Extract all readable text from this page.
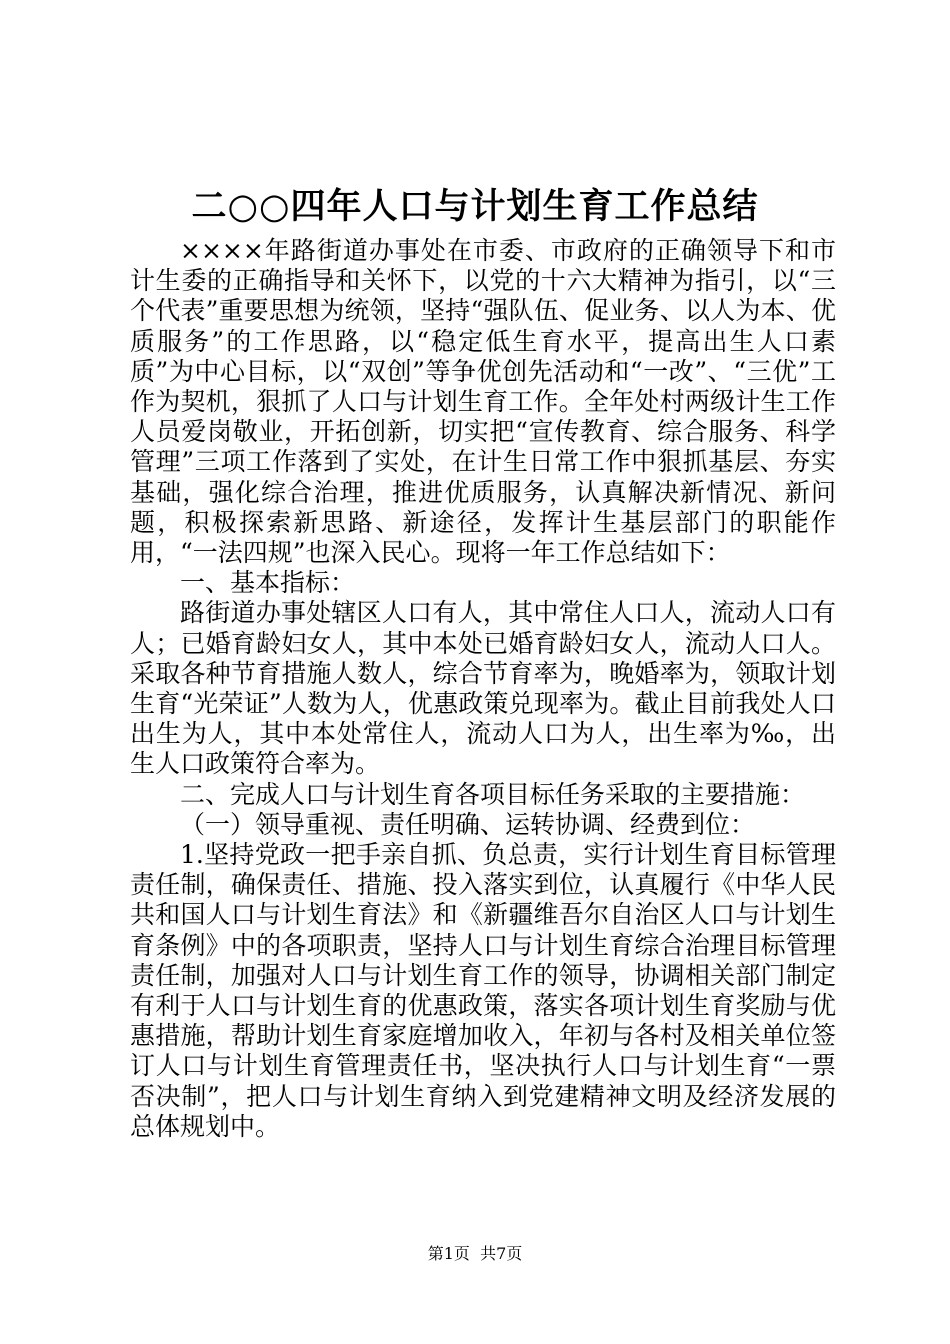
二○○四年人口与计划生育工作总结

××××年路街道办事处在市委、市政府的正确领导下和市计生委的正确指导和关怀下，以党的十六大精神为指引，以“三个代表”重要思想为统领，坚持“强队伍、促业务、以人为本、优质服务”的工作思路，以“稳定低生育水平，提高出生人口素质”为中心目标，以“双创”等争优创先活动和“一改”、“三优”工作为契机，狠抓了人口与计划生育工作。全年处村两级计生工作人员爱岗敬业，开拓创新，切实把“宣传教育、综合服务、科学管理”三项工作落到了实处，在计生日常工作中狠抓基层、夯实基础，强化综合治理，推进优质服务，认真解决新情况、新问题，积极探索新思路、新途径，发挥计生基层部门的职能作用，“一法四规”也深入民心。现将一年工作总结如下：

一、基本指标：

路街道办事处辖区人口有人，其中常住人口人，流动人口有人；已婚育龄妇女人，其中本处已婚育龄妇女人，流动人口人。采取各种节育措施人数人，综合节育率为，晚婚率为，领取计划生育“光荣证”人数为人，优惠政策兑现率为。截止目前我处人口出生为人，其中本处常住人，流动人口为人，出生率为‰，出生人口政策符合率为。

二、完成人口与计划生育各项目标任务采取的主要措施：

（一）领导重视、责任明确、运转协调、经费到位：

1.坚持党政一把手亲自抓、负总责，实行计划生育目标管理责任制，确保责任、措施、投入落实到位，认真履行《中华人民共和国人口与计划生育法》和《新疆维吾尔自治区人口与计划生育条例》中的各项职责，坚持人口与计划生育综合治理目标管理责任制，加强对人口与计划生育工作的领导，协调相关部门制定有利于人口与计划生育的优惠政策，落实各项计划生育奖励与优惠措施，帮助计划生育家庭增加收入，年初与各村及相关单位签订人口与计划生育管理责任书，坚决执行人口与计划生育“一票否决制”，把人口与计划生育纳入到党建精神文明及经济发展的总体规划中。

第1页  共7页
